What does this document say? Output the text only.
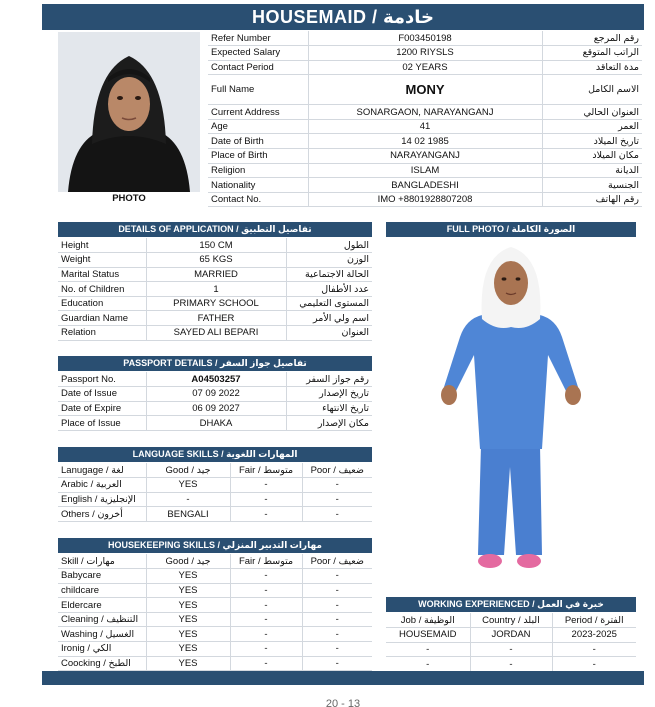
HOUSEMAID / خادمة
PHOTO
Refer Number	F003450198	رقم المرجع
Expected Salary	1200 RIYSLS	الراتب المتوقع
Contact Period	02 YEARS	مدة التعاقد
Full Name	MONY	الاسم الكامل
Current Address	SONARGAON, NARAYANGANJ	العنوان الحالي
Age	41	العمر
Date of Birth	14 02 1985	تاريخ الميلاد
Place of Birth	NARAYANGANJ	مكان الميلاد
Religion	ISLAM	الديانة
Nationality	BANGLADESHI	الجنسية
Contact No.	IMO +8801928807208	رقم الهاتف
DETAILS OF APPLICATION / تفاصيل التطبيق
Height	150 CM	الطول
Weight	65 KGS	الوزن
Marital Status	MARRIED	الحالة الاجتماعية
No. of Children	1	عدد الأطفال
Education	PRIMARY SCHOOL	المستوى التعليمي
Guardian Name	FATHER	اسم ولي الأمر
Relation	SAYED ALI BEPARI	العنوان
PASSPORT DETAILS / تفاصيل جواز السفر
Passport No.	A04503257	رقم جواز السفر
Date of Issue	07 09 2022	تاريخ الإصدار
Date of Expire	06 09 2027	تاريخ الانتهاء
Place of Issue	DHAKA	مكان الإصدار
LANGUAGE SKILLS / المهارات اللغوية
Lanugage / لغة	Good / جيد	Fair / متوسط	Poor / ضعيف
Arabic / العربية	YES	-	-
English / الإنجليزية	-	-	-
Others / أخرون	BENGALI	-	-
HOUSEKEEPING SKILLS / مهارات التدبير المنزلي
Skill / مهارات	Good / جيد	Fair / متوسط	Poor / ضعيف
Babycare	YES	-	-
childcare	YES	-	-
Eldercare	YES	-	-
Cleaning / التنظيف	YES	-	-
Washing / الغسيل	YES	-	-
Ironig / الكي	YES	-	-
Coocking / الطبخ	YES	-	-
FULL PHOTO / الصورة الكاملة
WORKING EXPERIENCED / خبرة في العمل
Job / الوظيفة	Country / البلد	Period / الفترة
HOUSEMAID	JORDAN	2023-2025
-	-	-
-	-	-
20 - 13
